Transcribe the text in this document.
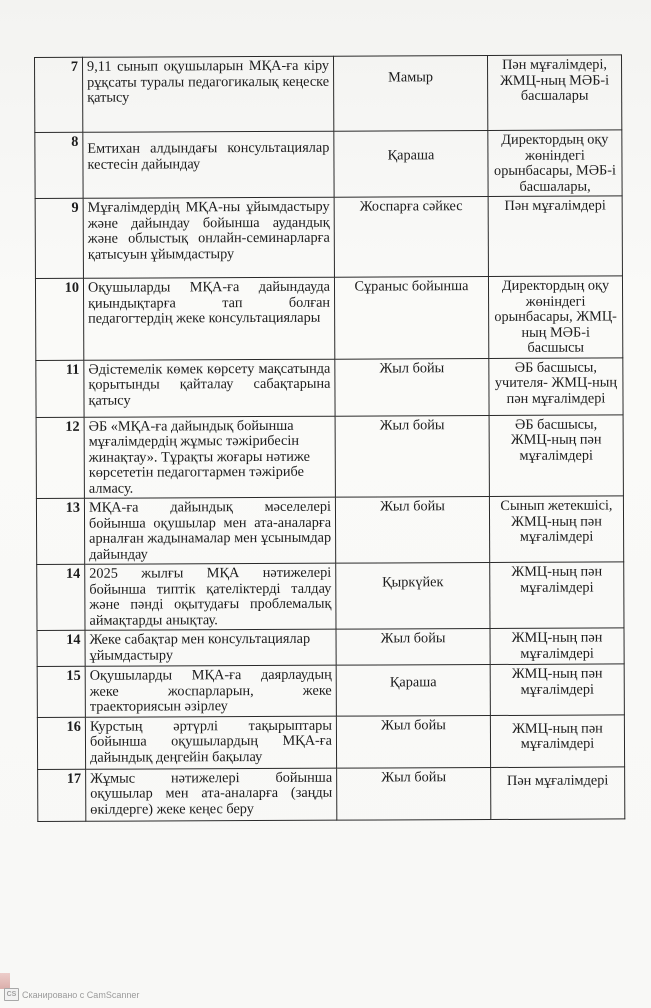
7	9,11 сынып оқушыларын МҚА-ға кіру рұқсаты туралы педагогикалық кеңеске қатысу	Мамыр	Пән мұғалімдері, ЖМЦ-ның МӘБ-і басшалары
8	Емтихан алдындағы консультациялар кестесін дайындау	Қараша	Директордың оқу жөніндегі орынбасары, МӘБ-і басшалары,
9	Мұғалімдердің МҚА-ны ұйымдастыру және дайындау бойынша аудандық және облыстық онлайн-семинарларға қатысуын ұйымдастыру	Жоспарға сәйкес	Пән мұғалімдері
10	Оқушыларды МҚА-ға дайындауда қиындықтарға тап болған педагогтердің жеке консультациялары	Сұраныс бойынша	Директордың оқу жөніндегі орынбасары, ЖМЦ-ның МӘБ-і басшысы
11	Әдістемелік көмек көрсету мақсатында қорытынды қайталау сабақтарына қатысу	Жыл бойы	ӘБ басшысы, учителя- ЖМЦ-ның пән мұғалімдері
12	ӘБ «МҚА-ға дайындық бойынша мұғалімдердің жұмыс тәжірибесін жинақтау». Тұрақты жоғары нәтиже көрсететін педагогтармен тәжірибе алмасу.	Жыл бойы	ӘБ басшысы, ЖМЦ-ның пән мұғалімдері
13	МҚА-ға дайындық мәселелері бойынша оқушылар мен ата-аналарға арналған жадынамалар мен ұсынымдар дайындау	Жыл бойы	Сынып жетекшісі, ЖМЦ-ның пән мұғалімдері
14	2025 жылғы МҚА нәтижелері бойынша типтік қателіктерді талдау және пәнді оқытудағы проблемалық аймақтарды анықтау.	Қыркүйек	ЖМЦ-ның пән мұғалімдері
14	Жеке сабақтар мен консультациялар ұйымдастыру	Жыл бойы	ЖМЦ-ның пән мұғалімдері
15	Оқушыларды МҚА-ға даярлаудың жеке жоспарларын, жеке траекториясын әзірлеу	Қараша	ЖМЦ-ның пән мұғалімдері
16	Курстың әртүрлі тақырыптары бойынша оқушылардың МҚА-ға дайындық деңгейін бақылау	Жыл бойы	ЖМЦ-ның пән мұғалімдері
17	Жұмыс нәтижелері бойынша оқушылар мен ата-аналарға (заңды өкілдерге) жеке кеңес беру	Жыл бойы	Пән мұғалімдері
CS Сканировано с CamScanner
